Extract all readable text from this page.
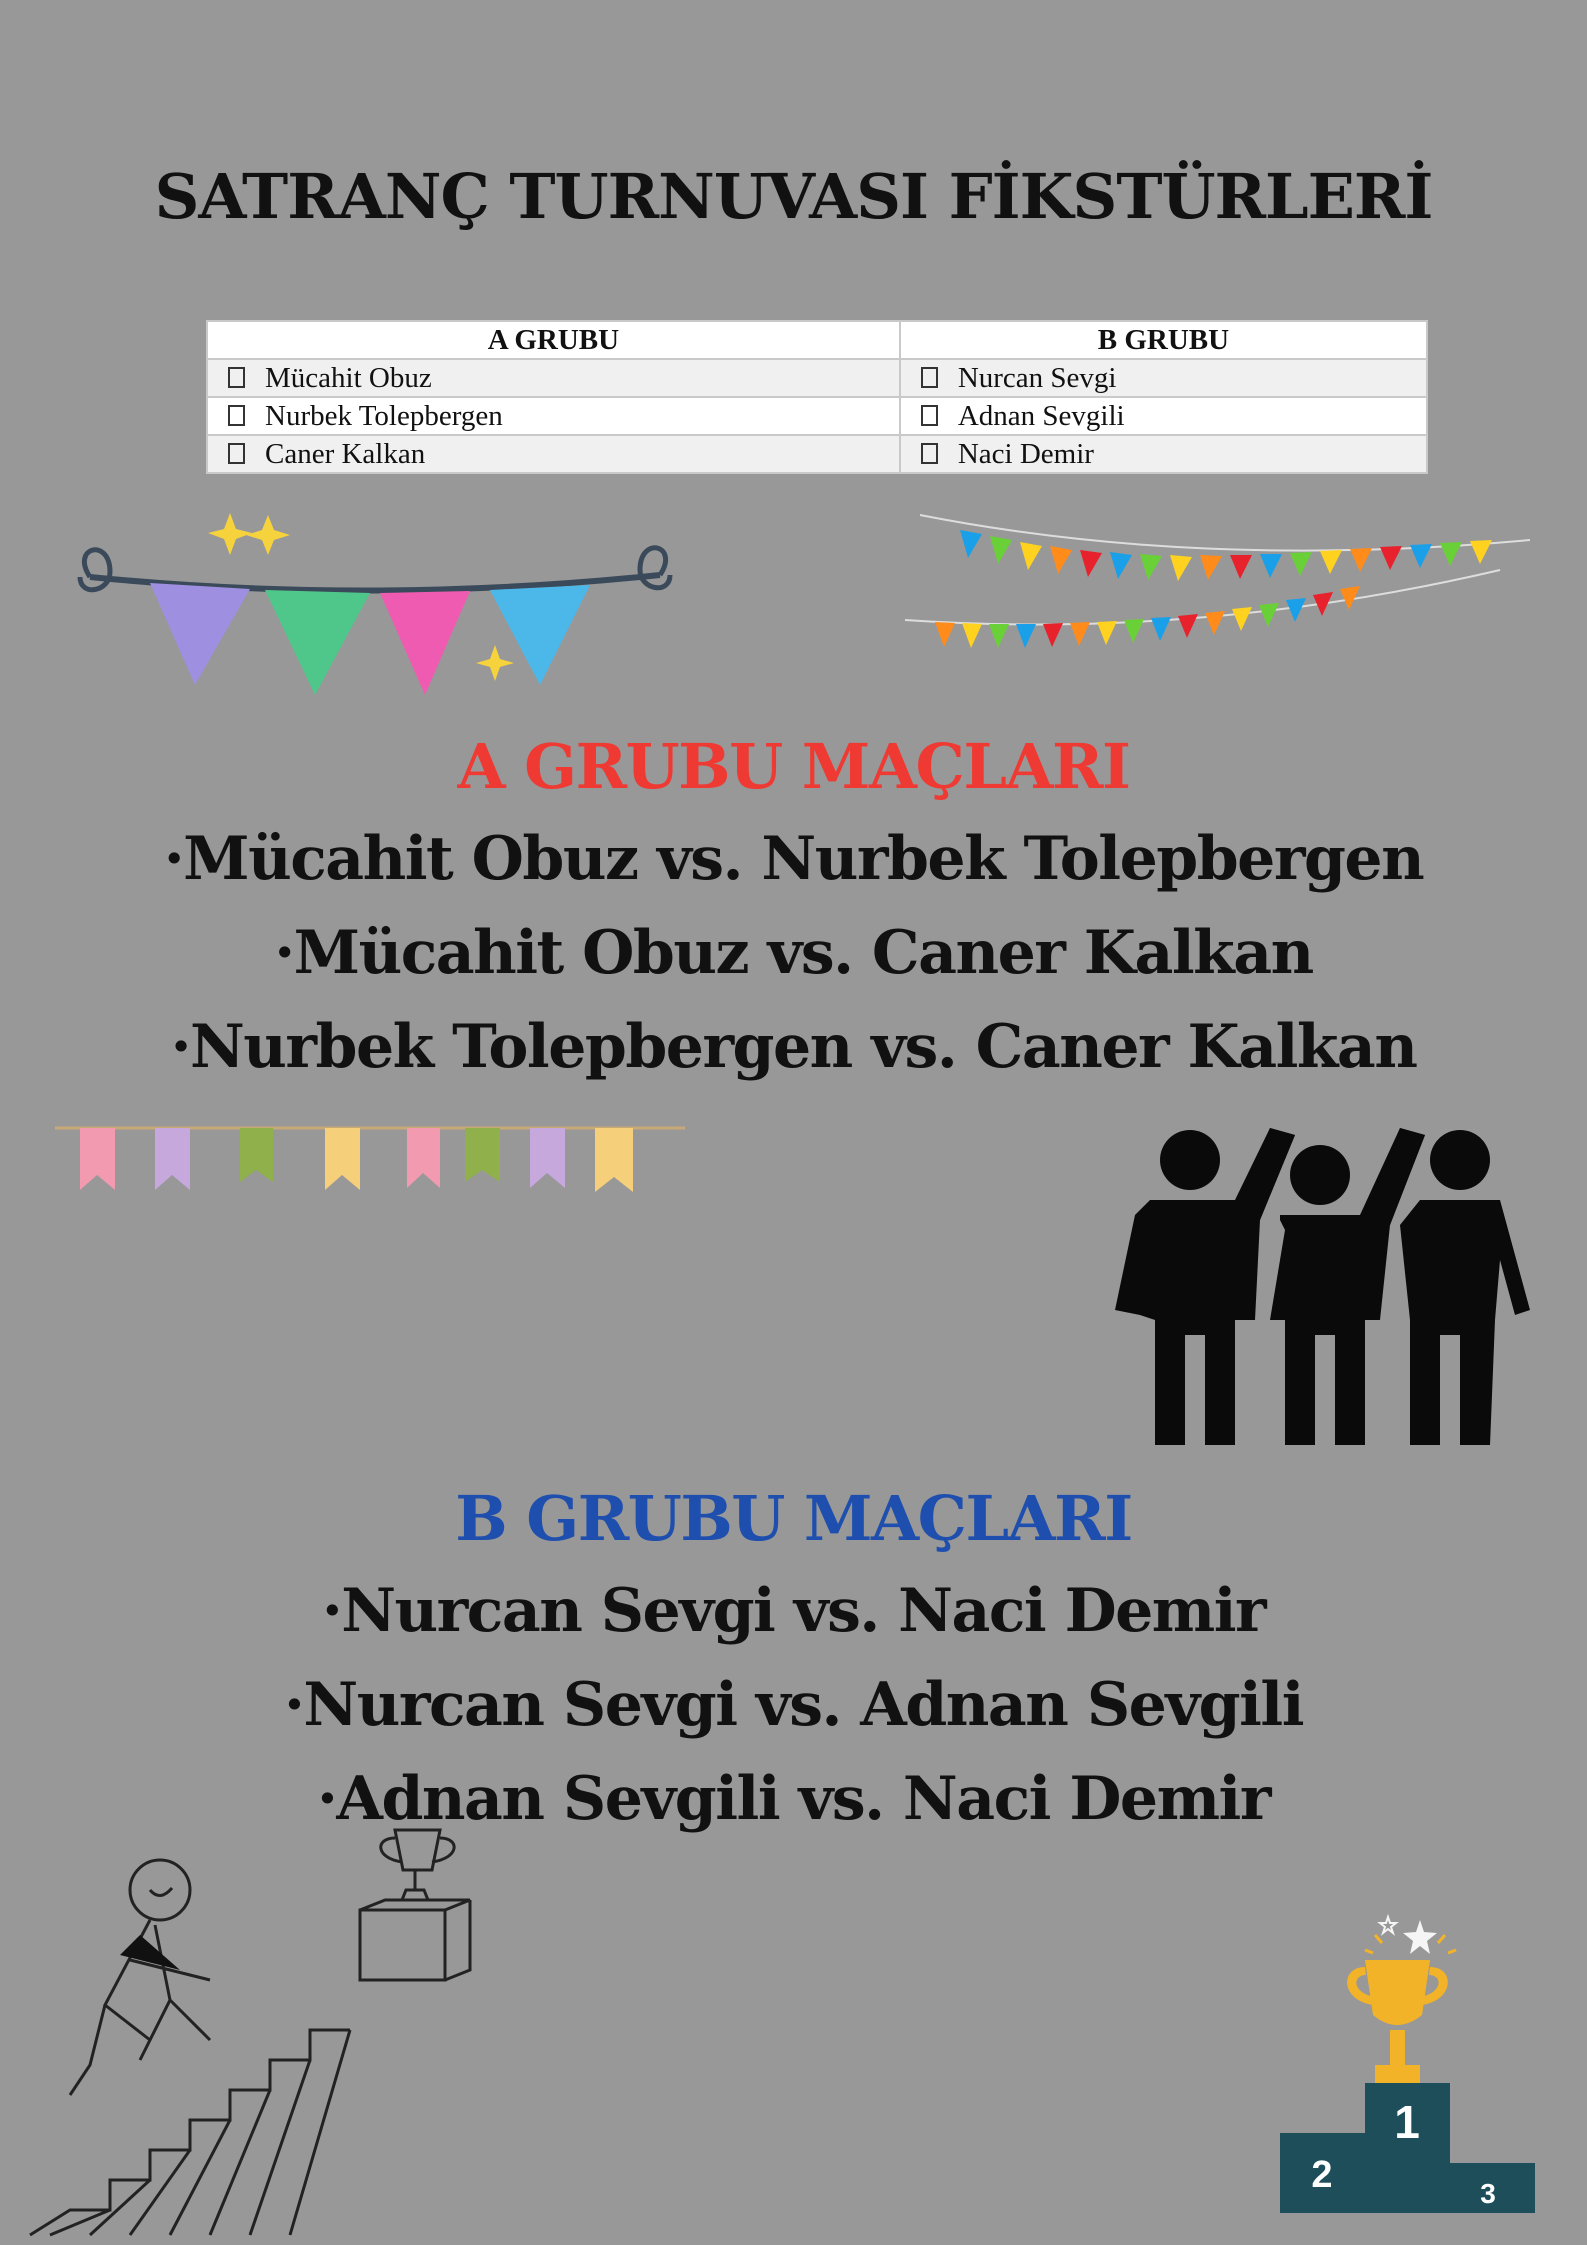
SATRANÇ TURNUVASI FİKSTÜRLERİ
A GRUBU	B GRUBU
Mücahit Obuz	Nurcan Sevgi
Nurbek Tolepbergen	Adnan Sevgili
Caner Kalkan	Naci Demir
A GRUBU MAÇLARI
·Mücahit Obuz vs. Nurbek Tolepbergen
·Mücahit Obuz vs. Caner Kalkan
·Nurbek Tolepbergen vs. Caner Kalkan
B GRUBU MAÇLARI
·Nurcan Sevgi vs. Naci Demir
·Nurcan Sevgi vs. Adnan Sevgili
·Adnan Sevgili vs. Naci Demir
1
2	3
